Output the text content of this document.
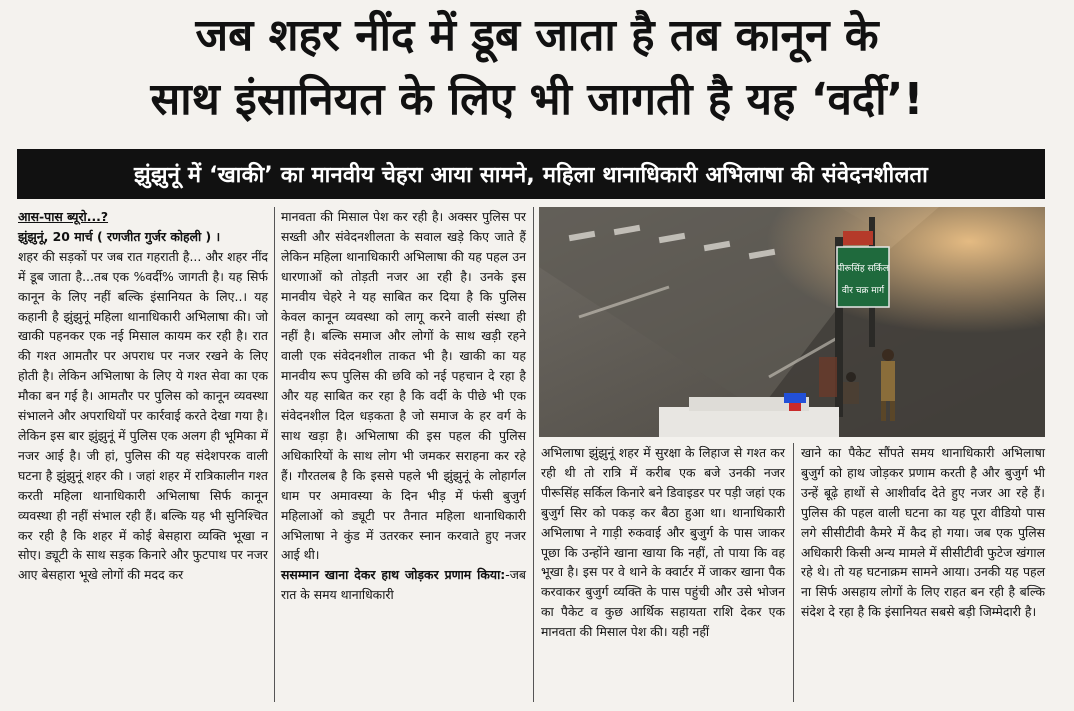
जब शहर नींद में डूब जाता है तब कानून के
साथ इंसानियत के लिए भी जागती है यह ‘वर्दी’!
झुंझुनूं में ‘खाकी’ का मानवीय चेहरा आया सामने, महिला थानाधिकारी अभिलाषा की संवेदनशीलता
आस-पास ब्यूरो...?
झुंझुनूं, 20 मार्च ( रणजीत गुर्जर कोहली ) ।

शहर की सड़कों पर जब रात गहराती है... और शहर नींद में डूब जाता है...तब एक %वर्दी% जागती है। यह सिर्फ कानून के लिए नहीं बल्कि इंसानियत के लिए..। यह कहानी है झुंझुनूं महिला थानाधिकारी अभिलाषा की। जो खाकी पहनकर एक नई मिसाल कायम कर रही है। रात की गश्त आमतौर पर अपराध पर नजर रखने के लिए होती है। लेकिन अभिलाषा के लिए ये गश्त सेवा का एक मौका बन गई है। आमतौर पर पुलिस को कानून व्यवस्था संभालने और अपराधियों पर कार्रवाई करते देखा गया है। लेकिन इस बार झुंझुनूं में पुलिस एक अलग ही भूमिका में नजर आई है। जी हां, पुलिस की यह संदेशपरक वाली घटना है झुंझुनूं शहर की । जहां शहर में रात्रिकालीन गश्त करती महिला थानाधिकारी अभिलाषा सिर्फ कानून व्यवस्था ही नहीं संभाल रही हैं। बल्कि यह भी सुनिश्चित कर रही है कि शहर में कोई बेसहारा व्यक्ति भूखा न सोए। ड्यूटी के साथ सड़क किनारे और फुटपाथ पर नजर आए बेसहारा भूखे लोगों की मदद कर

मानवता की मिसाल पेश कर रही है। अक्सर पुलिस पर सख्ती और संवेदनशीलता के सवाल खड़े किए जाते हैं लेकिन महिला थानाधिकारी अभिलाषा की यह पहल उन धारणाओं को तोड़ती नजर आ रही है। उनके इस मानवीय चेहरे ने यह साबित कर दिया है कि पुलिस केवल कानून व्यवस्था को लागू करने वाली संस्था ही नहीं है। बल्कि समाज और लोगों के साथ खड़ी रहने वाली एक संवेदनशील ताकत भी है। खाकी का यह मानवीय रूप पुलिस की छवि को नई पहचान दे रहा है और यह साबित कर रहा है कि वर्दी के पीछे भी एक संवेदनशील दिल धड़कता है जो समाज के हर वर्ग के साथ खड़ा है। अभिलाषा की इस पहल की पुलिस अधिकारियों के साथ लोग भी जमकर सराहना कर रहे हैं। गौरतलब है कि इससे पहले भी झुंझुनूं के लोहार्गल धाम पर अमावस्या के दिन भीड़ में फंसी बुजुर्ग महिलाओं को ड्यूटी पर तैनात महिला थानाधिकारी अभिलाषा ने कुंड में उतरकर स्नान करवाते हुए नजर आई थी।

ससम्मान खाना देकर हाथ जोड़कर प्रणाम किया:-जब रात के समय थानाधिकारी

पीरूसिंह सर्किल
वीर चक्र मार्ग

अभिलाषा झुंझुनूं शहर में सुरक्षा के लिहाज से गश्त कर रही थी तो रात्रि में करीब एक बजे उनकी नजर पीरूसिंह सर्किल किनारे बने डिवाइडर पर पड़ी जहां एक बुजुर्ग सिर को पकड़ कर बैठा हुआ था। थानाधिकारी अभिलाषा ने गाड़ी रुकवाई और बुजुर्ग के पास जाकर पूछा कि उन्होंने खाना खाया कि नहीं, तो पाया कि वह भूखा है। इस पर वे थाने के क्वार्टर में जाकर खाना पैक करवाकर बुजुर्ग व्यक्ति के पास पहुंची और उसे भोजन का पैकेट व कुछ आर्थिक सहायता राशि देकर एक मानवता की मिसाल पेश की। यही नहीं

खाने का पैकेट सौंपते समय थानाधिकारी अभिलाषा बुजुर्ग को हाथ जोड़कर प्रणाम करती है और बुजुर्ग भी उन्हें बूढ़े हाथों से आशीर्वाद देते हुए नजर आ रहे हैं। पुलिस की पहल वाली घटना का यह पूरा वीडियो पास लगे सीसीटीवी कैमरे में कैद हो गया। जब एक पुलिस अधिकारी किसी अन्य मामले में सीसीटीवी फुटेज खंगाल रहे थे। तो यह घटनाक्रम सामने आया। उनकी यह पहल ना सिर्फ असहाय लोगों के लिए राहत बन रही है बल्कि संदेश दे रहा है कि इंसानियत सबसे बड़ी जिम्मेदारी है।
